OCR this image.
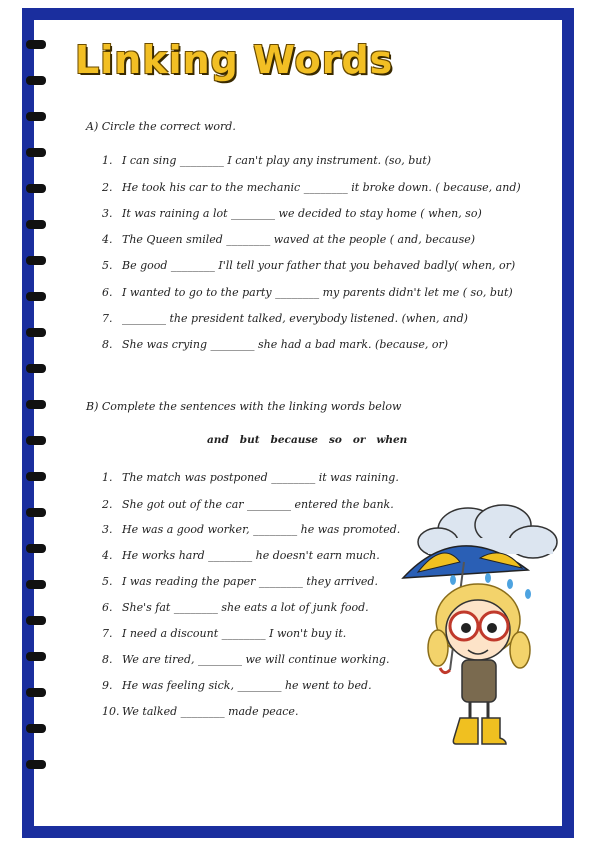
Linking Words
A) Circle the correct word.
1. I can sing ________ I can't play any instrument. (so, but)
2. He took his car to the mechanic ________ it broke down. ( because, and)
3. It was raining a lot ________ we decided to stay home ( when, so)
4. The Queen smiled ________ waved at the people ( and, because)
5. Be good ________ I'll tell your father that you behaved badly( when, or)
6. I wanted to go to the party ________ my parents didn't let me ( so, but)
7. ________ the president talked, everybody listened. (when, and)
8. She was crying ________ she had a bad mark. (because, or)
B) Complete the sentences with the linking words below
and   but   because   so   or   when
1. The match was postponed ________ it was raining.
2. She got out of the car ________ entered the bank.
3. He was a good worker, ________ he was promoted.
4. He works hard ________ he doesn't earn much.
5. I was reading the paper ________ they arrived.
6. She's fat ________ she eats a lot of junk food.
7. I need a discount ________ I won't buy it.
8. We are tired, ________ we will continue working.
9. He was feeling sick, ________ he went to bed.
10. We talked ________ made peace.
